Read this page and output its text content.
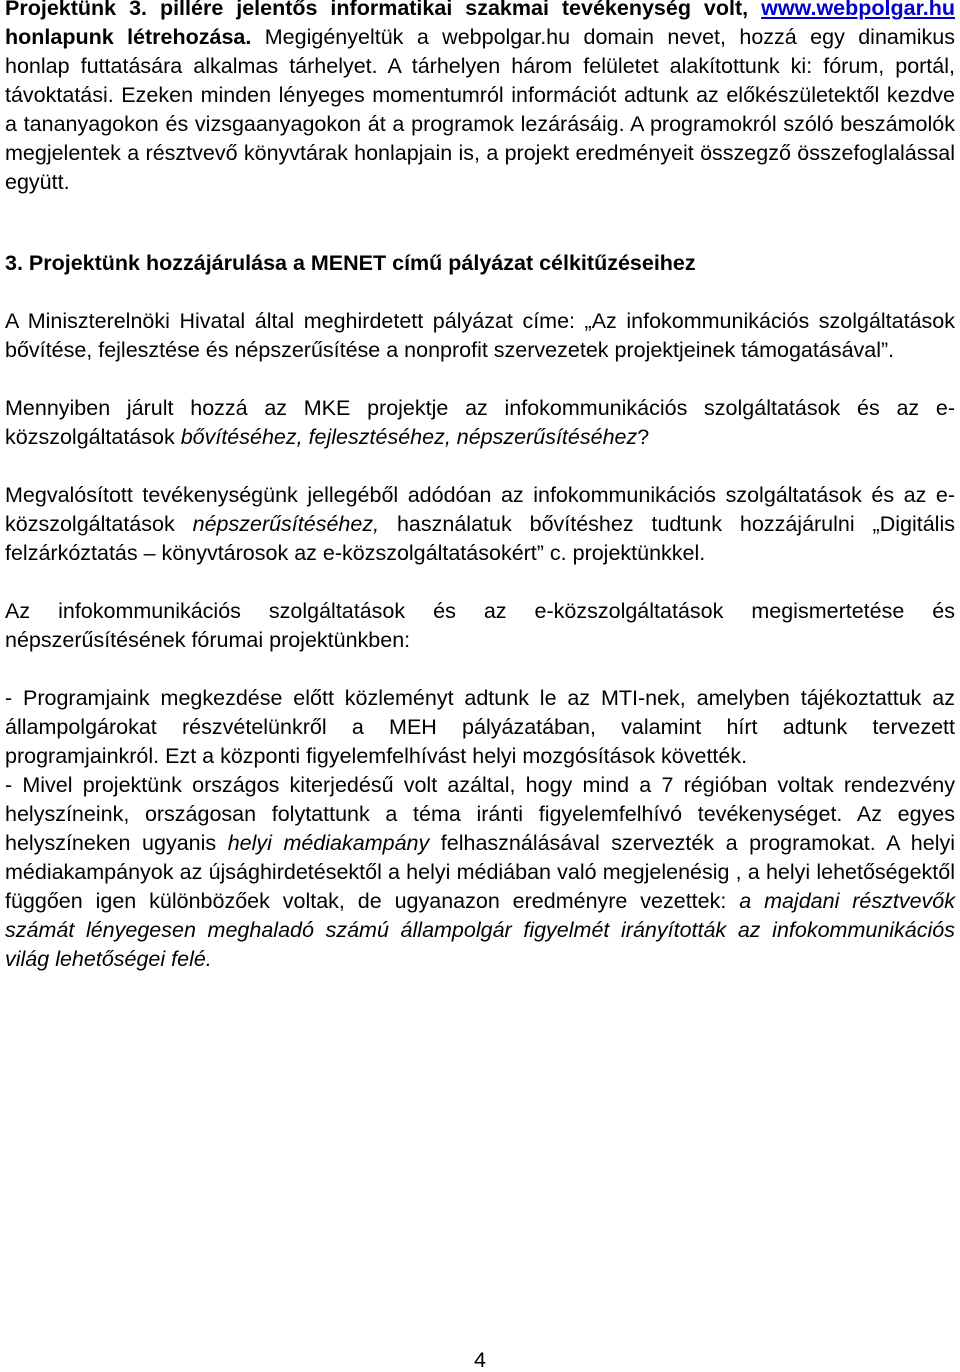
Projektünk 3. pillére jelentős informatikai szakmai tevékenység volt, www.webpolgar.hu honlapunk létrehozása. Megigényeltük a webpolgar.hu domain nevet, hozzá egy dinamikus honlap futtatására alkalmas tárhelyet. A tárhelyen három felületet alakítottunk ki: fórum, portál, távoktatási. Ezeken minden lényeges momentumról információt adtunk az előkészületektől kezdve a tananyagokon és vizsgaanyagokon át a programok lezárásáig. A programokról szóló beszámolók megjelentek a résztvevő könyvtárak honlapjain is, a projekt eredményeit összegző összefoglalással együtt.

3. Projektünk hozzájárulása a MENET című pályázat célkitűzéseihez

A Miniszterelnöki Hivatal által meghirdetett pályázat címe: „Az infokommunikációs szolgáltatások bővítése, fejlesztése és népszerűsítése a nonprofit szervezetek projektjeinek támogatásával”.

Mennyiben járult hozzá az MKE projektje az infokommunikációs szolgáltatások és az e-közszolgáltatások bővítéséhez, fejlesztéséhez, népszerűsítéséhez?

Megvalósított tevékenységünk jellegéből adódóan az infokommunikációs szolgáltatások és az e-közszolgáltatások népszerűsítéséhez, használatuk bővítéshez tudtunk hozzájárulni „Digitális felzárkóztatás – könyvtárosok az e-közszolgáltatásokért” c. projektünkkel.

Az infokommunikációs szolgáltatások és az e-közszolgáltatások megismertetése és népszerűsítésének fórumai projektünkben:

- Programjaink megkezdése előtt közleményt adtunk le az MTI-nek, amelyben tájékoztattuk az állampolgárokat részvételünkről a MEH pályázatában, valamint hírt adtunk tervezett programjainkról. Ezt a központi figyelemfelhívást helyi mozgósítások követték.

- Mivel projektünk országos kiterjedésű volt azáltal, hogy mind a 7 régióban voltak rendezvény helyszíneink, országosan folytattunk a téma iránti figyelemfelhívó tevékenységet. Az egyes helyszíneken ugyanis helyi médiakampány felhasználásával szervezték a programokat. A helyi médiakampányok az újsághirdetésektől a helyi médiában való megjelenésig , a helyi lehetőségektől függően igen különbözőek voltak, de ugyanazon eredményre vezettek: a majdani résztvevők számát lényegesen meghaladó számú állampolgár figyelmét irányították az infokommunikációs világ lehetőségei felé.

4
